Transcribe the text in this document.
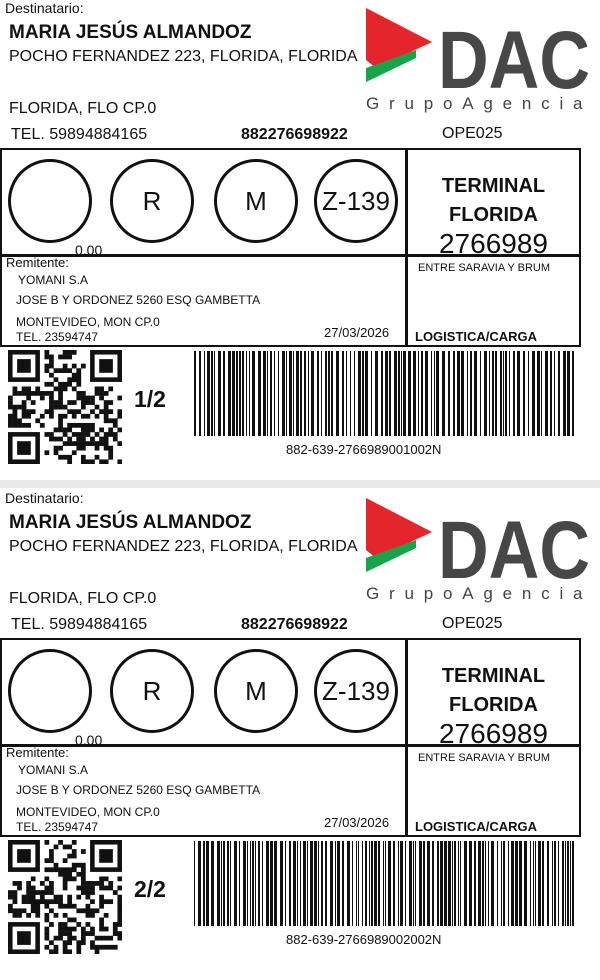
Destinatario:
MARIA JESÚS ALMANDOZ
POCHO FERNANDEZ 223, FLORIDA, FLORIDA
FLORIDA, FLO CP.0
TEL. 59894884165	882276698922	OPE025
DAC
GrupoAgencia
R	M	Z-139
0.00
TERMINAL
FLORIDA
2766989
Remitente:
YOMANI S.A
JOSE B Y ORDONEZ 5260 ESQ GAMBETTA
MONTEVIDEO, MON CP.0
TEL. 23594747	27/03/2026
ENTRE SARAVIA Y BRUM
LOGISTICA/CARGA
1/2
882-639-2766989001002N
Destinatario:
MARIA JESÚS ALMANDOZ
POCHO FERNANDEZ 223, FLORIDA, FLORIDA
FLORIDA, FLO CP.0
TEL. 59894884165	882276698922	OPE025
DAC
GrupoAgencia
R	M	Z-139
0.00
TERMINAL
FLORIDA
2766989
Remitente:
YOMANI S.A
JOSE B Y ORDONEZ 5260 ESQ GAMBETTA
MONTEVIDEO, MON CP.0
TEL. 23594747	27/03/2026
ENTRE SARAVIA Y BRUM
LOGISTICA/CARGA
2/2
882-639-2766989002002N
